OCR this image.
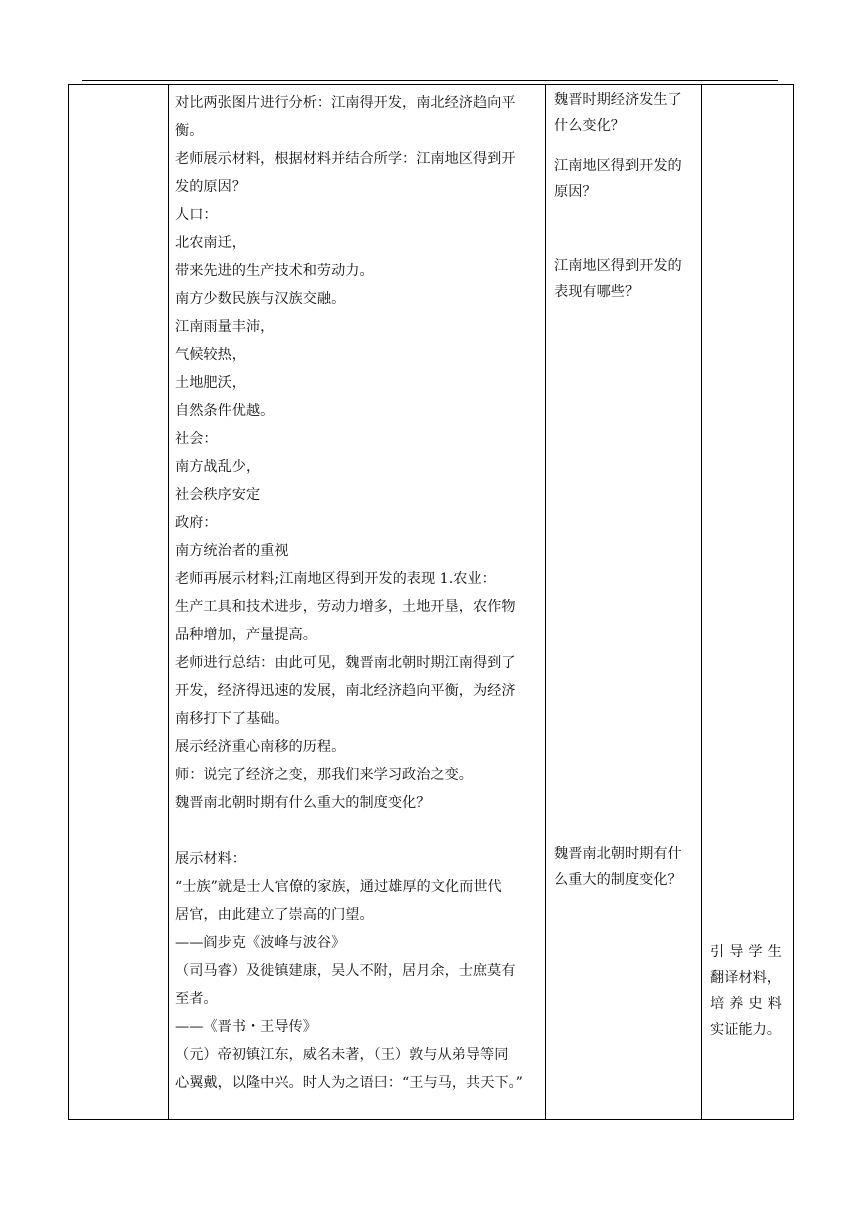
对比两张图片进行分析：江南得开发，南北经济趋向平
衡。
老师展示材料，根据材料并结合所学：江南地区得到开
发的原因？
人口：
北农南迁，
带来先进的生产技术和劳动力。
南方少数民族与汉族交融。
江南雨量丰沛，
气候较热，
土地肥沃，
自然条件优越。
社会：
南方战乱少，
社会秩序安定
政府：
南方统治者的重视
老师再展示材料;江南地区得到开发的表现 1.农业：
生产工具和技术进步，劳动力增多，土地开垦，农作物
品种增加，产量提高。
老师进行总结：由此可见，魏晋南北朝时期江南得到了
开发，经济得迅速的发展，南北经济趋向平衡，为经济
南移打下了基础。
展示经济重心南移的历程。
师：说完了经济之变，那我们来学习政治之变。
魏晋南北朝时期有什么重大的制度变化？
展示材料：
“士族”就是士人官僚的家族，通过雄厚的文化而世代
居官，由此建立了崇高的门望。
——阎步克《波峰与波谷》
（司马睿）及徙镇建康，吴人不附，居月余，士庶莫有
至者。
——《晋书・王导传》
（元）帝初镇江东，威名未著，（王）敦与从弟导等同
心翼戴，以隆中兴。时人为之语曰：“王与马，共天下。”

魏晋时期经济发生了
什么变化？
江南地区得到开发的
原因？
江南地区得到开发的
表现有哪些？
魏晋南北朝时期有什
么重大的制度变化？

引导学生
翻译材料，
培养史料
实证能力。
